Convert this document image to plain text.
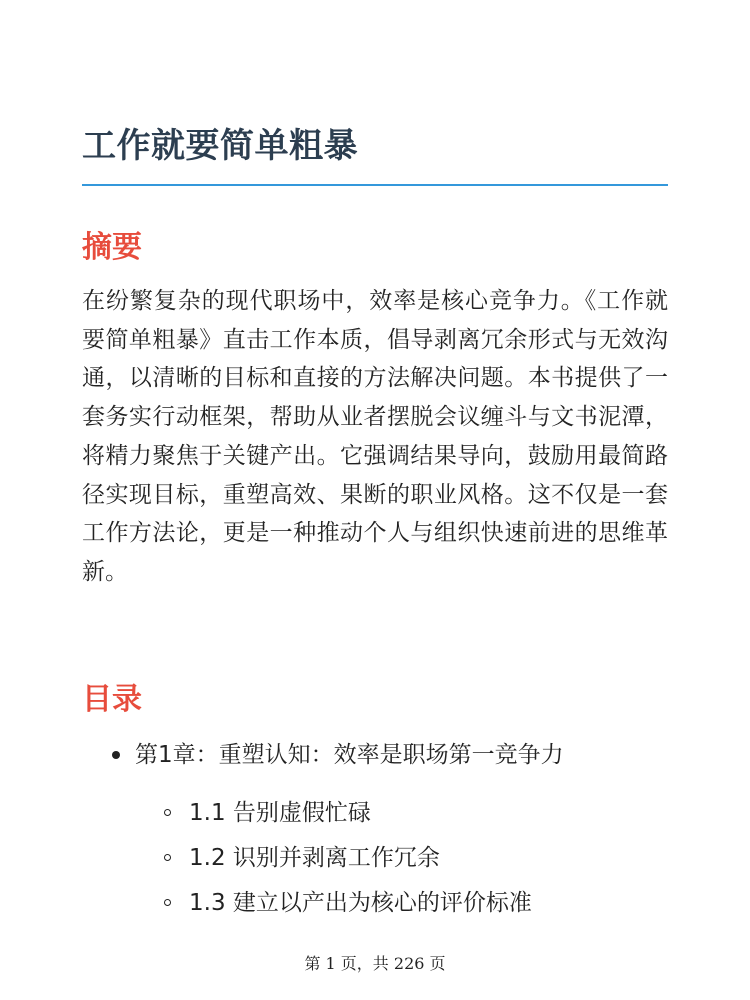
工作就要简单粗暴
摘要

在纷繁复杂的现代职场中，效率是核心竞争力。《工作就要简单粗暴》直击工作本质，倡导剥离冗余形式与无效沟通，以清晰的目标和直接的方法解决问题。本书提供了一套务实行动框架，帮助从业者摆脱会议缠斗与文书泥潭，将精力聚焦于关键产出。它强调结果导向，鼓励用最简路径实现目标，重塑高效、果断的职业风格。这不仅是一套工作方法论，更是一种推动个人与组织快速前进的思维革新。

目录
第1章：重塑认知：效率是职场第一竞争力
1.1 告别虚假忙碌
1.2 识别并剥离工作冗余
1.3 建立以产出为核心的评价标准
第 1 页，共 226 页
